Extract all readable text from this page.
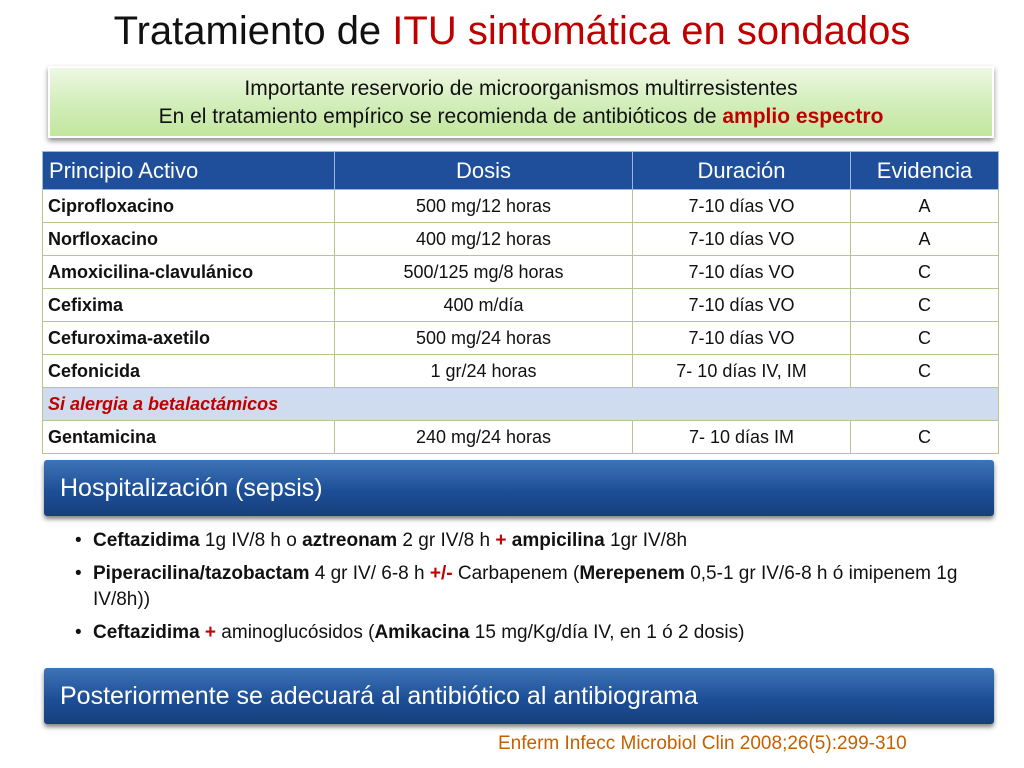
Tratamiento de ITU sintomática en sondados
Importante reservorio de microorganismos multirresistentes
En el tratamiento empírico se recomienda de antibióticos de amplio espectro
Principio Activo	Dosis	Duración	Evidencia
Ciprofloxacino	500 mg/12 horas	7-10 días VO	A
Norfloxacino	400 mg/12 horas	7-10 días VO	A
Amoxicilina-clavulánico	500/125 mg/8 horas	7-10 días VO	C
Cefixima	400 m/día	7-10 días VO	C
Cefuroxima-axetilo	500 mg/24 horas	7-10 días VO	C
Cefonicida	1 gr/24 horas	7- 10 días IV, IM	C
Si alergia a betalactámicos			
Gentamicina	240 mg/24 horas	7- 10 días IM	C
Hospitalización (sepsis)
• Ceftazidima 1g IV/8 h o aztreonam 2 gr IV/8 h + ampicilina 1gr IV/8h
• Piperacilina/tazobactam 4 gr IV/ 6-8 h +/- Carbapenem (Merepenem 0,5-1 gr IV/6-8 h ó imipenem 1g IV/8h))
• Ceftazidima + aminoglucósidos (Amikacina 15 mg/Kg/día IV, en 1 ó 2 dosis)
Posteriormente se adecuará al antibiótico al antibiograma
Enferm Infecc Microbiol Clin 2008;26(5):299-310
